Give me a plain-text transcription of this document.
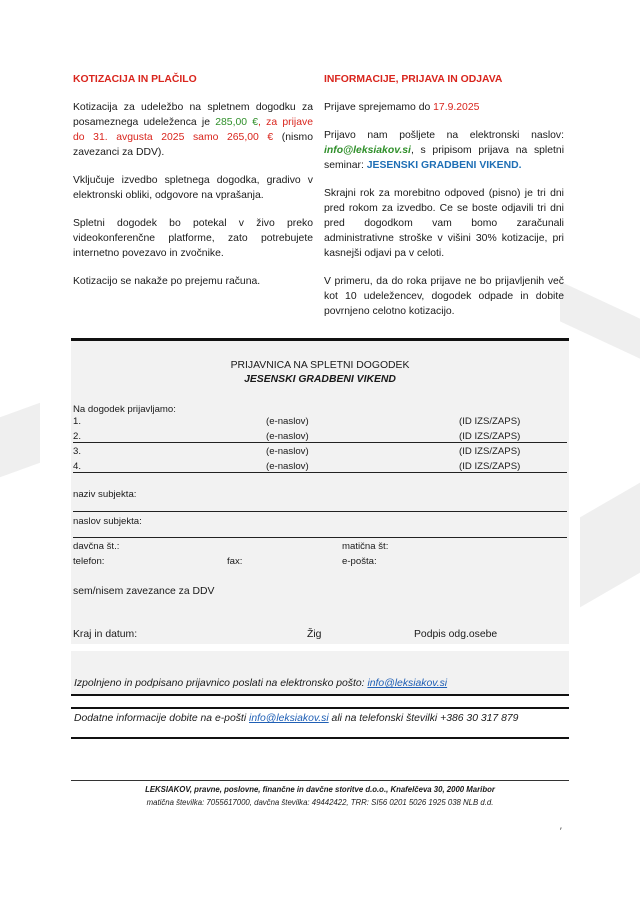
KOTIZACIJA IN PLAČILO

Kotizacija za udeležbo na spletnem dogodku za posameznega udeleženca je 285,00 €, za prijave do 31. avgusta 2025 samo 265,00 € (nismo zavezanci za DDV).

Vključuje izvedbo spletnega dogodka, gradivo v elektronski obliki, odgovore na vprašanja.

Spletni dogodek bo potekal v živo preko videokonferenčne platforme, zato potrebujete internetno povezavo in zvočnike.

Kotizacijo se nakaže po prejemu računa.

INFORMACIJE, PRIJAVA IN ODJAVA

Prijave sprejemamo do 17.9.2025

Prijavo nam pošljete na elektronski naslov: info@leksiakov.si, s pripisom prijava na spletni seminar: JESENSKI GRADBENI VIKEND.

Skrajni rok za morebitno odpoved (pisno) je tri dni pred rokom za izvedbo. Ce se boste odjavili tri dni pred dogodkom vam bomo zaračunali administrativne stroške v višini 30% kotizacije, pri kasnejši odjavi pa v celoti.

V primeru, da do roka prijave ne bo prijavljenih več kot 10 udeležencev, dogodek odpade in dobite povrnjeno celotno kotizacijo.

PRIJAVNICA NA SPLETNI DOGODEK
JESENSKI GRADBENI VIKEND
Na dogodek prijavljamo:
1.	(e-naslov)	(ID IZS/ZAPS)
2.	(e-naslov)	(ID IZS/ZAPS)
3.	(e-naslov)	(ID IZS/ZAPS)
4.	(e-naslov)	(ID IZS/ZAPS)
naziv subjekta:
naslov subjekta:
davčna št.:	matična št:
telefon:	fax:	e-pošta:
sem/nisem zavezance za DDV
Kraj in datum:	Žig	Podpis odg.osebe
Izpolnjeno in podpisano prijavnico poslati na elektronsko pošto: info@leksiakov.si
Dodatne informacije dobite na e-pošti info@leksiakov.si ali na telefonski številki +386 30 317 879
LEKSIAKOV, pravne, poslovne, finančne in davčne storitve d.o.o., Knafelčeva 30, 2000 Maribor
matična številka: 7055617000, davčna številka: 49442422, TRR: SI56 0201 5026 1925 038 NLB d.d.
′
